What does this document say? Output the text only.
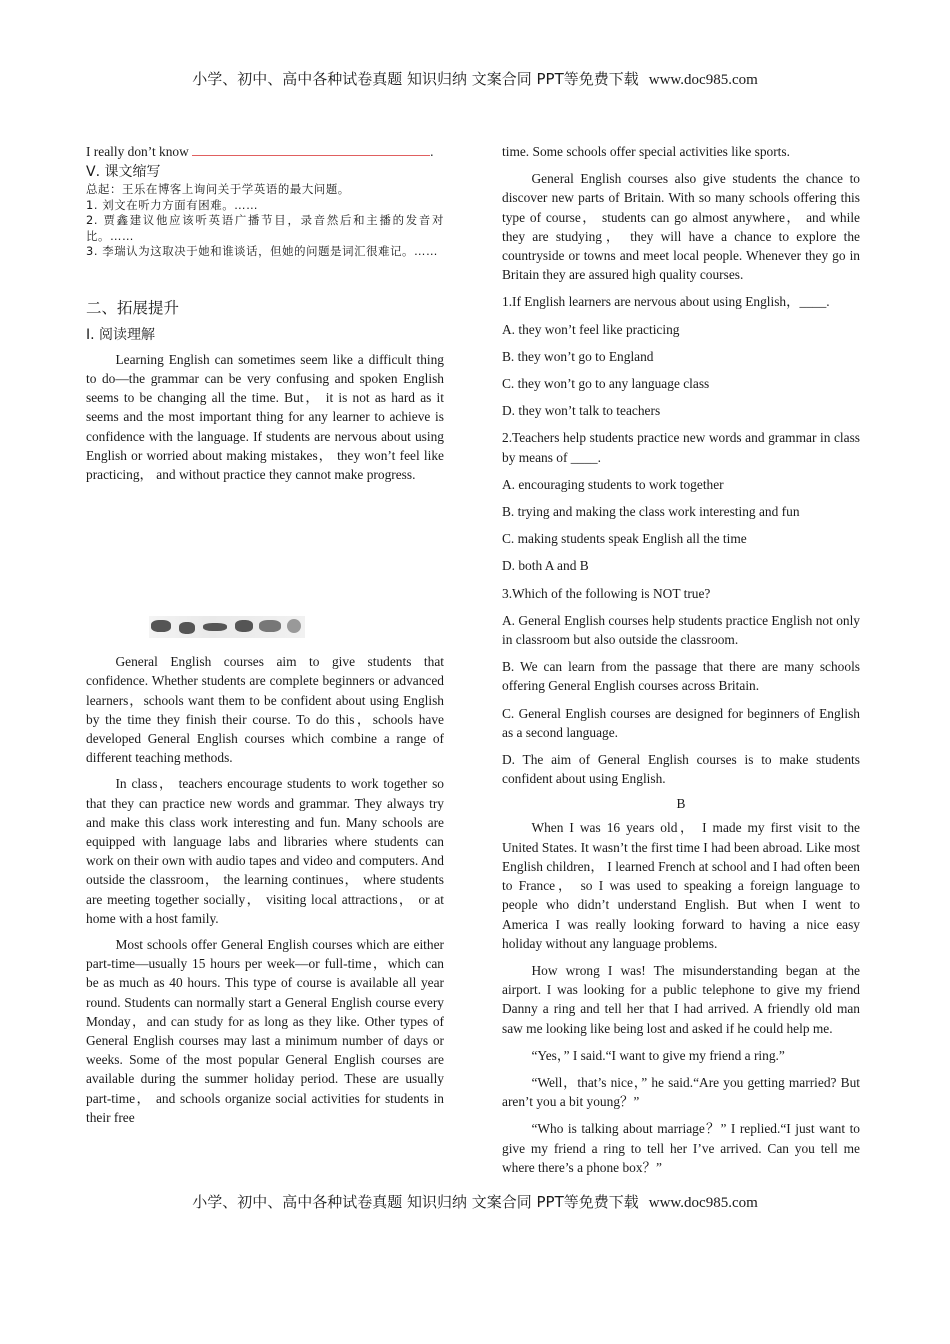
小学、初中、高中各种试卷真题 知识归纳 文案合同 PPT等免费下载 www.doc985.com

I really don’t know	.

Ⅴ. 课文缩写

总起：王乐在博客上询问关于学英语的最大问题。

1. 刘文在听力方面有困难。……

2. 贾鑫建议他应该听英语广播节目，录音然后和主播的发音对比。……

3. 李瑞认为这取决于她和谁谈话，但她的问题是词汇很难记。……

二、拓展提升

Ⅰ. 阅读理解

Learning English can sometimes seem like a difficult thing to do—the grammar can be very confusing and spoken English seems to be changing all the time. But， it is not as hard as it seems and the most important thing for any learner to achieve is confidence with the language. If students are nervous about using English or worried about making mistakes， they won’t feel like practicing， and without practice they cannot make progress.

General English courses aim to give students that confidence. Whether students are complete beginners or advanced learners，schools want them to be confident about using English by the time they finish their course. To do this，schools have developed General English courses which combine a range of different teaching methods.

In class， teachers encourage students to work together so that they can practice new words and grammar. They always try and make this class work interesting and fun. Many schools are equipped with language labs and libraries where students can work on their own with audio tapes and video and computers. And outside the classroom， the learning continues， where students are meeting together socially， visiting local attractions， or at home with a host family.

Most schools offer General English courses which are either part-time—usually 15 hours per week—or full-time，which can be as much as 40 hours. This type of course is available all year round. Students can normally start a General English course every Monday，and can study for as long as they like. Other types of General English courses may last a minimum number of days or weeks. Some of the most popular General English courses are available during the summer holiday period. These are usually part-time， and schools organize social activities for students in their free

time. Some schools offer special activities like sports.

General English courses also give students the chance to discover new parts of Britain. With so many schools offering this type of course， students can go almost anywhere， and while they are studying， they will have a chance to explore the countryside or towns and meet local people. Whenever they go in Britain they are assured high quality courses.

1.If English learners are nervous about using English，____.

A. they won’t feel like practicing

B. they won’t go to England

C. they won’t go to any language class

D. they won’t talk to teachers

2.Teachers help students practice new words and grammar in class by means of ____.

A. encouraging students to work together

B. trying and making the class work interesting and fun

C. making students speak English all the time

D. both A and B

3.Which of the following is NOT true?

A. General English courses help students practice English not only in classroom but also outside the classroom.

B. We can learn from the passage that there are many schools offering General English courses across Britain.

C. General English courses are designed for beginners of English as a second language.

D. The aim of General English courses is to make students confident about using English.

B

When I was 16 years old， I made my first visit to the United States. It wasn’t the first time I had been abroad. Like most English children， I learned French at school and I had often been to France， so I was used to speaking a foreign language to people who didn’t understand English. But when I went to America I was really looking forward to having a nice easy holiday without any language problems.

How wrong I was! The misunderstanding began at the airport. I was looking for a public telephone to give my friend Danny a ring and tell her that I had arrived. A friendly old man saw me looking like being lost and asked if he could help me.

“Yes，” I said.“I want to give my friend a ring.”

“Well，that’s nice，” he said.“Are you getting married? But aren’t you a bit young？”

“Who is talking about marriage？” I replied.“I just want to give my friend a ring to tell her I’ve arrived. Can you tell me where there’s a phone box？”

小学、初中、高中各种试卷真题 知识归纳 文案合同 PPT等免费下载 www.doc985.com
